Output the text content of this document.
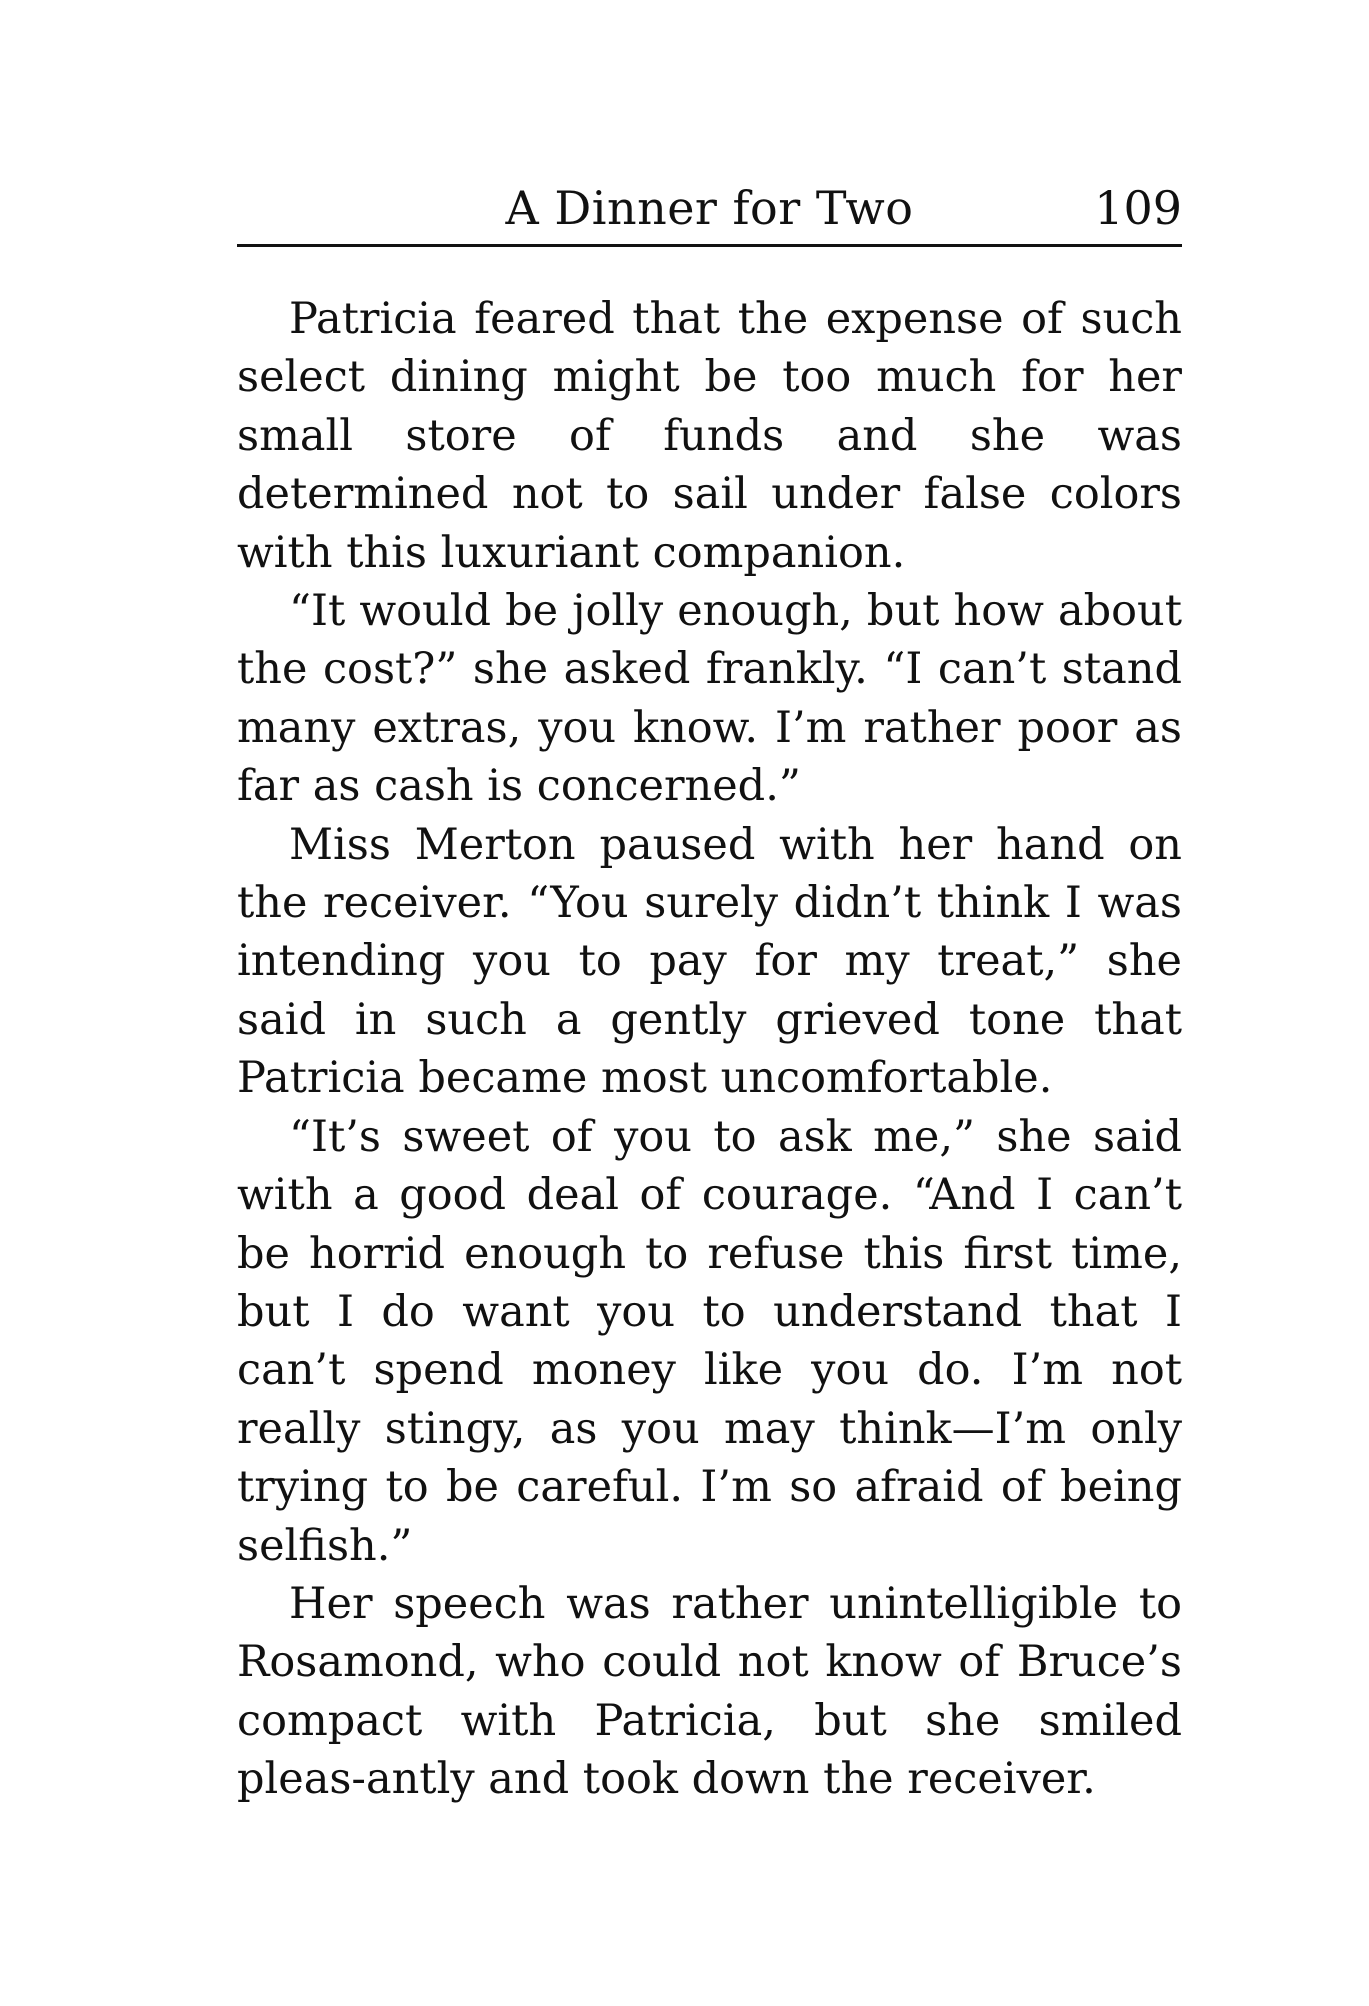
A Dinner for Two	109

Patricia feared that the expense of such select dining might be too much for her small store of funds and she was determined not to sail under false colors with this luxuriant companion.

“It would be jolly enough, but how about the cost?” she asked frankly. “I can’t stand many extras, you know. I’m rather poor as far as cash is concerned.”

Miss Merton paused with her hand on the receiver. “You surely didn’t think I was intending you to pay for my treat,” she said in such a gently grieved tone that Patricia became most uncomfortable.

“It’s sweet of you to ask me,” she said with a good deal of courage. “And I can’t be horrid enough to refuse this first time, but I do want you to understand that I can’t spend money like you do. I’m not really stingy, as you may think—I’m only trying to be careful. I’m so afraid of being selfish.”

Her speech was rather unintelligible to Rosamond, who could not know of Bruce’s compact with Patricia, but she smiled pleas-antly and took down the receiver.
